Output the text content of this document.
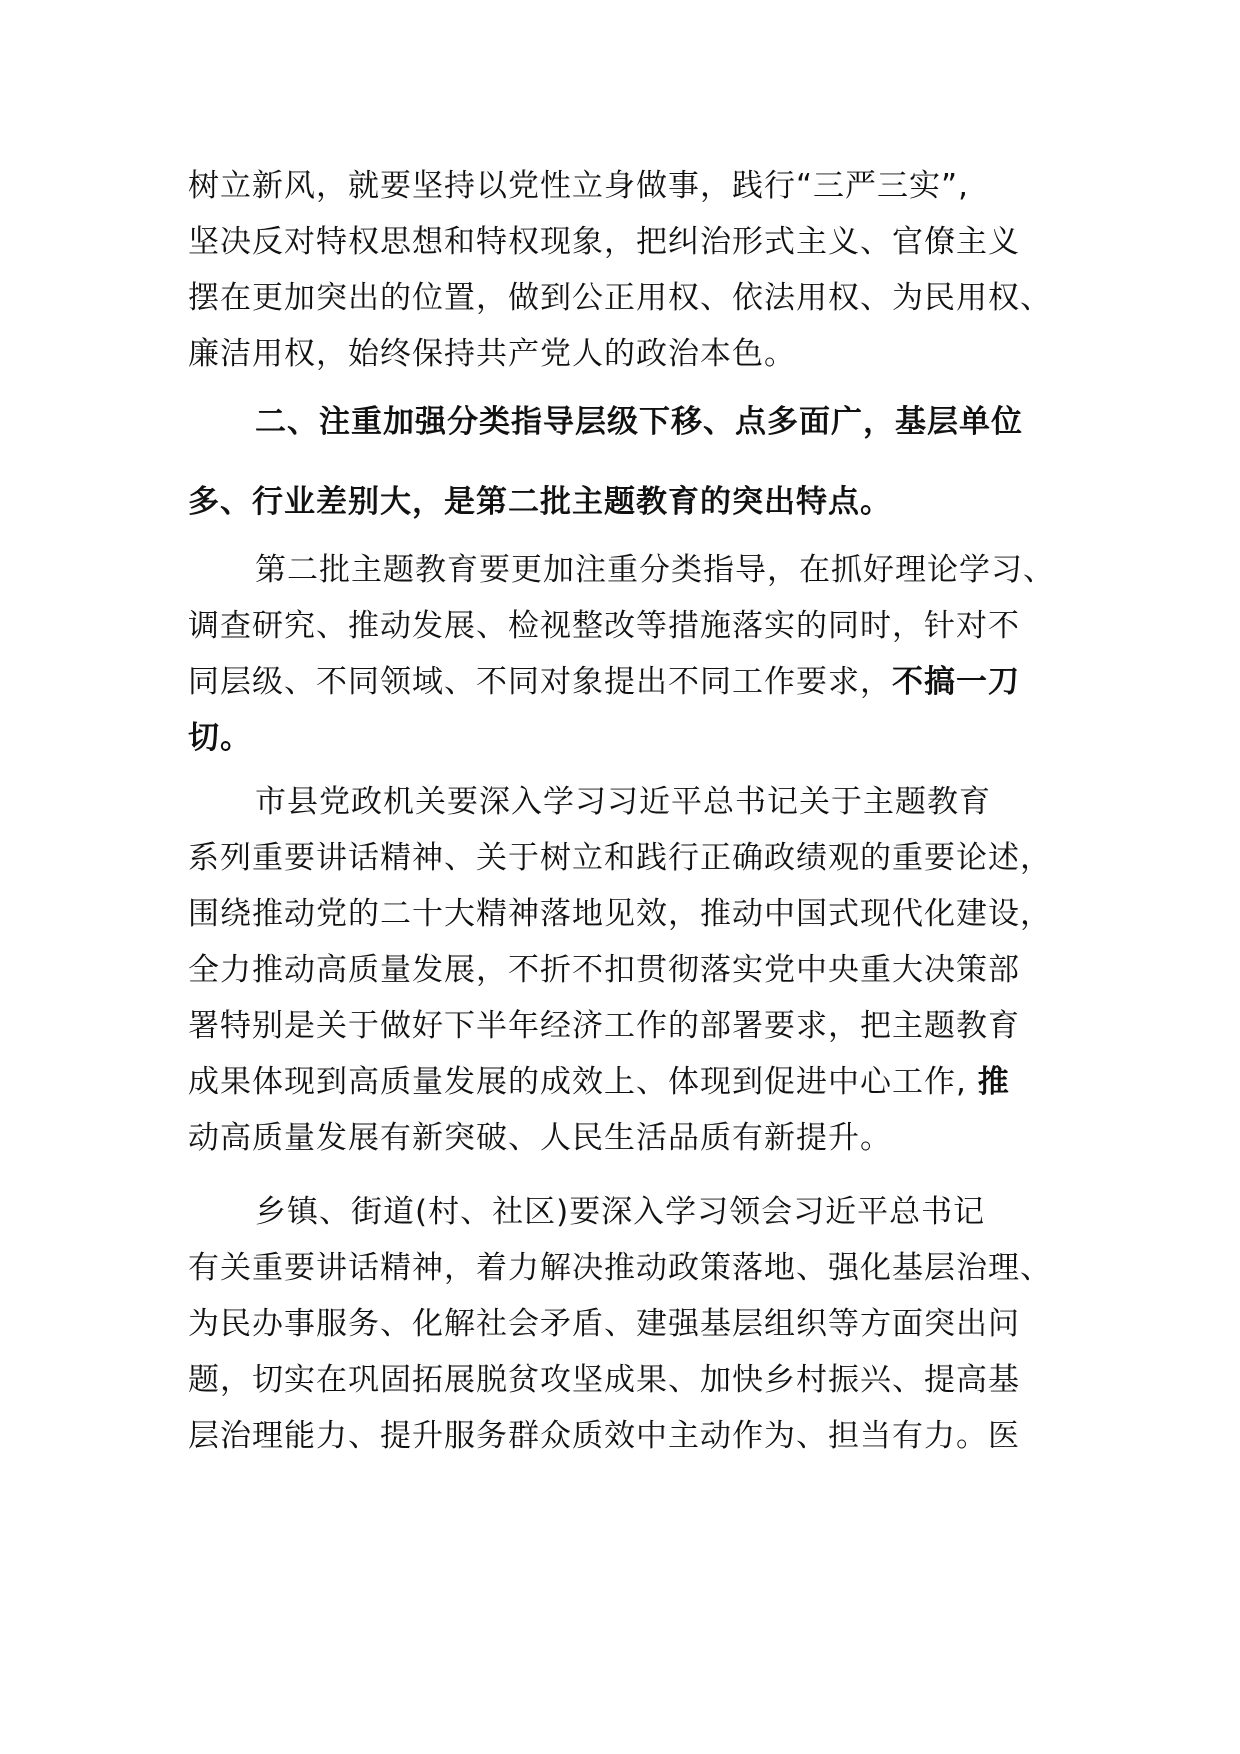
树立新风，就要坚持以党性立身做事，践行“三严三实”,
坚决反对特权思想和特权现象，把纠治形式主义、官僚主义
摆在更加突出的位置，做到公正用权、依法用权、为民用权、
廉洁用权，始终保持共产党人的政治本色。
二、注重加强分类指导层级下移、点多面广，基层单位
多、行业差别大，是第二批主题教育的突出特点。
第二批主题教育要更加注重分类指导，在抓好理论学习、
调查研究、推动发展、检视整改等措施落实的同时，针对不
同层级、不同领域、不同对象提出不同工作要求，不搞一刀
切。
市县党政机关要深入学习习近平总书记关于主题教育
系列重要讲话精神、关于树立和践行正确政绩观的重要论述，
围绕推动党的二十大精神落地见效，推动中国式现代化建设，
全力推动高质量发展，不折不扣贯彻落实党中央重大决策部
署特别是关于做好下半年经济工作的部署要求，把主题教育
成果体现到高质量发展的成效上、体现到促进中心工作, 推
动高质量发展有新突破、人民生活品质有新提升。
乡镇、街道(村、社区)要深入学习领会习近平总书记
有关重要讲话精神，着力解决推动政策落地、强化基层治理、
为民办事服务、化解社会矛盾、建强基层组织等方面突出问
题，切实在巩固拓展脱贫攻坚成果、加快乡村振兴、提高基
层治理能力、提升服务群众质效中主动作为、担当有力。医
